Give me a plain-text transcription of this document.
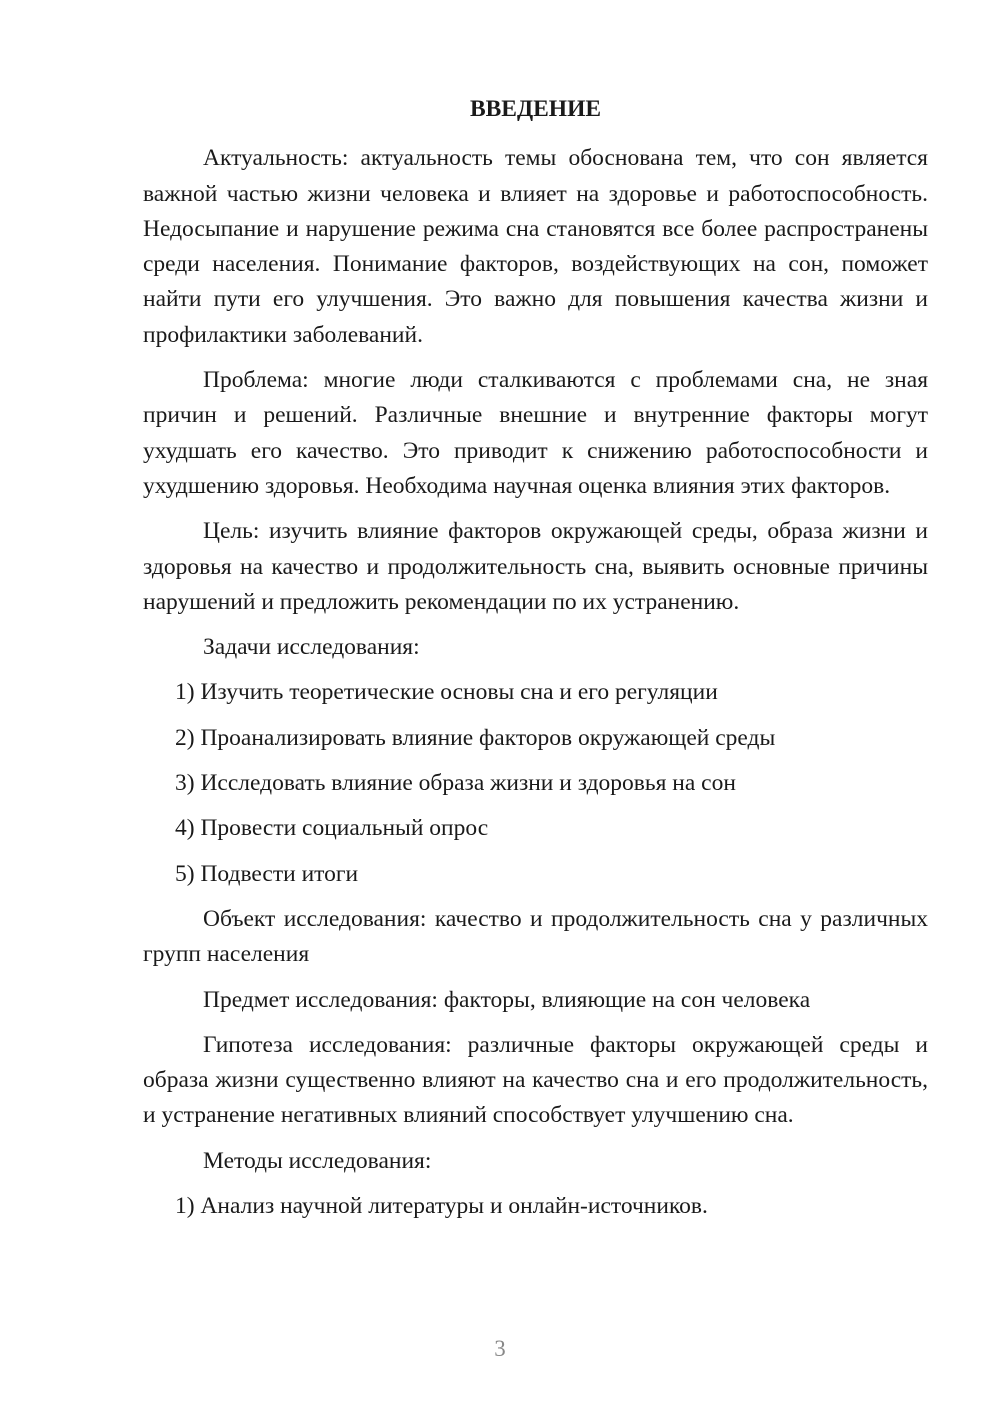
ВВЕДЕНИЕ

Актуальность: актуальность темы обоснована тем, что сон является важной частью жизни человека и влияет на здоровье и работоспособность. Недосыпание и нарушение режима сна становятся все более распространены среди населения. Понимание факторов, воздействующих на сон, поможет найти пути его улучшения. Это важно для повышения качества жизни и профилактики заболеваний.

Проблема: многие люди сталкиваются с проблемами сна, не зная причин и решений. Различные внешние и внутренние факторы могут ухудшать его качество. Это приводит к снижению работоспособности и ухудшению здоровья. Необходима научная оценка влияния этих факторов.

Цель: изучить влияние факторов окружающей среды, образа жизни и здоровья на качество и продолжительность сна, выявить основные причины нарушений и предложить рекомендации по их устранению.

Задачи исследования:

1) Изучить теоретические основы сна и его регуляции
2) Проанализировать влияние факторов окружающей среды
3) Исследовать влияние образа жизни и здоровья на сон
4) Провести социальный опрос
5) Подвести итоги

Объект исследования: качество и продолжительность сна у различных групп населения

Предмет исследования: факторы, влияющие на сон человека

Гипотеза исследования: различные факторы окружающей среды и образа жизни существенно влияют на качество сна и его продолжительность, и устранение негативных влияний способствует улучшению сна.

Методы исследования:

1) Анализ научной литературы и онлайн-источников.
3
